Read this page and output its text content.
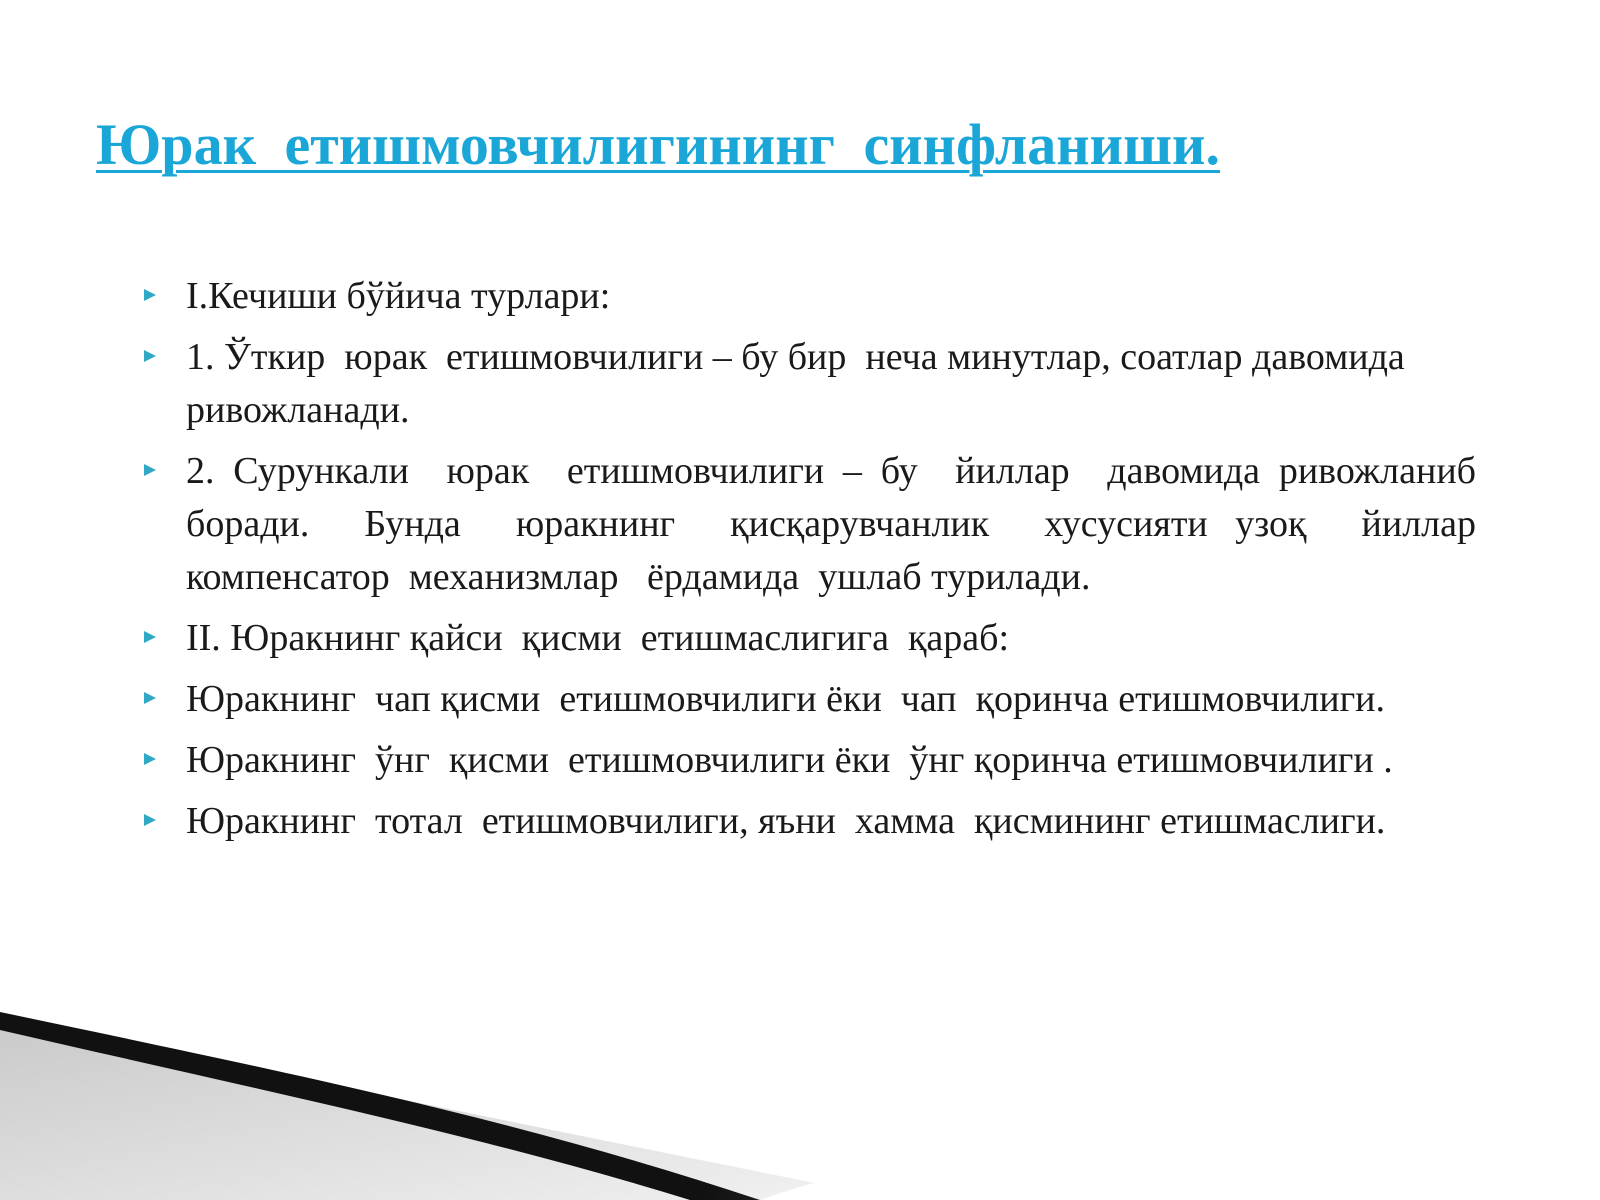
Юрак етишмовчилигининг синфланиши.
I.Кечиши бўйича турлари:
1. Ўткир  юрак  етишмовчилиги – бу бир  неча минутлар, соатлар давомида  ривожланади.
2. Сурункали  юрак  етишмовчилиги – бу  йиллар  давомида ривожланиб  боради.  Бунда  юракнинг  қисқарувчанлик  хусусияти узоқ  йиллар  компенсатор  механизмлар   ёрдамида  ушлаб турилади.
II. Юракнинг қайси  қисми  етишмаслигига  қараб:
Юракнинг  чап қисми  етишмовчилиги ёки  чап  қоринча етишмовчилиги.
Юракнинг  ўнг  қисми  етишмовчилиги ёки  ўнг қоринча етишмовчилиги .
Юракнинг  тотал  етишмовчилиги, яъни  хамма  қисмининг етишмаслиги.
